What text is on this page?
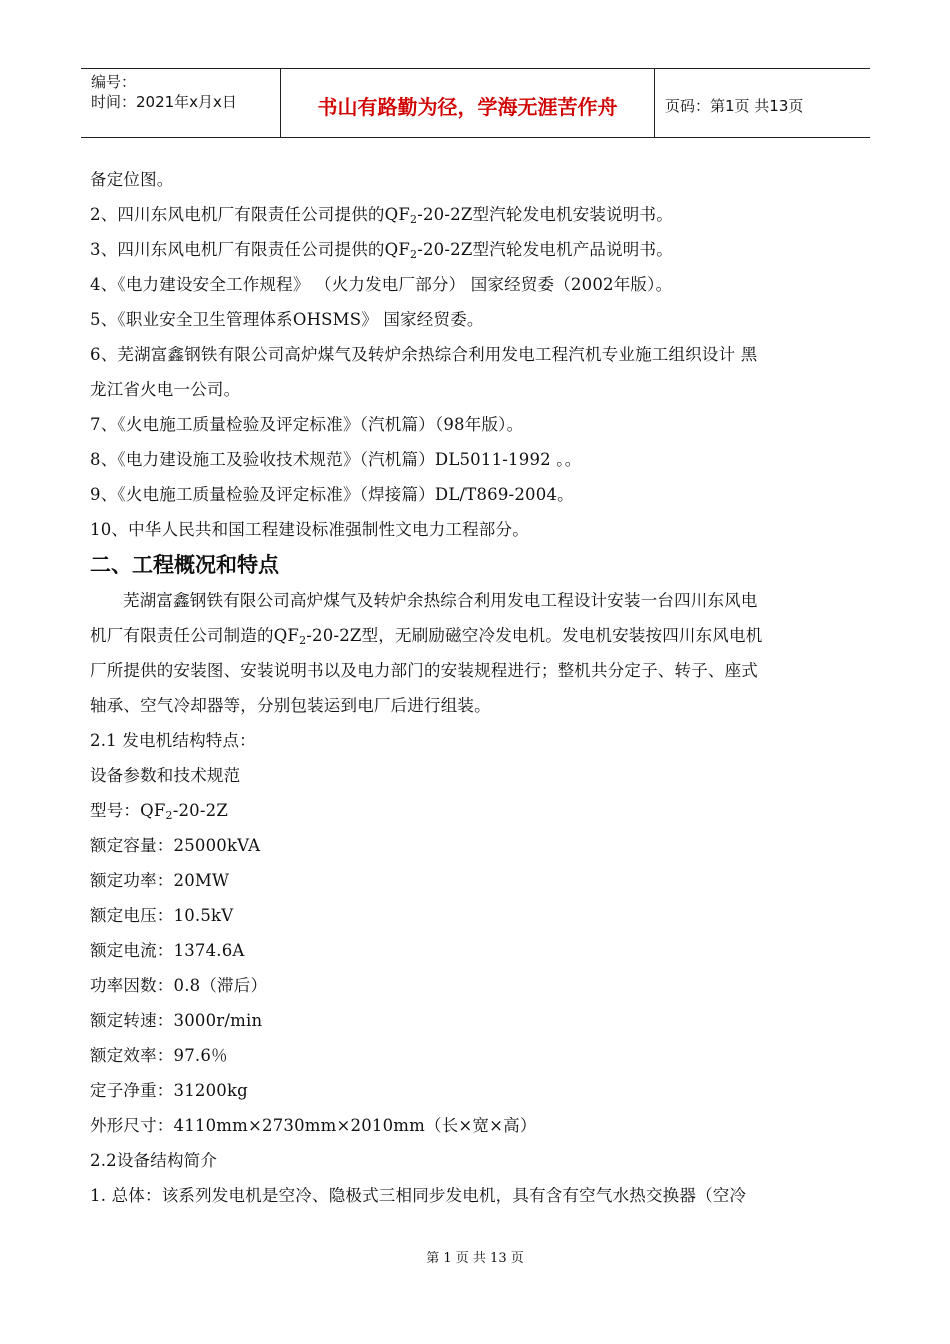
编号：
时间：2021年x月x日	书山有路勤为径，学海无涯苦作舟	页码：第1页 共13页
备定位图。
2、四川东风电机厂有限责任公司提供的$QF_2-20-2Z$型汽轮发电机安装说明书。
3、四川东风电机厂有限责任公司提供的$QF_2-20-2Z$型汽轮发电机产品说明书。
4、《电力建设安全工作规程》 （火力发电厂部分） 国家经贸委（2002年版）。
5、《职业安全卫生管理体系OHSMS》 国家经贸委。
6、芜湖富鑫钢铁有限公司高炉煤气及转炉余热综合利用发电工程汽机专业施工组织设计 黑
龙江省火电一公司。
7、《火电施工质量检验及评定标准》（汽机篇）（98年版）。
8、《电力建设施工及验收技术规范》（汽机篇）DL5011-1992 。。
9、《火电施工质量检验及评定标准》（焊接篇）DL/T869-2004。
10、中华人民共和国工程建设标准强制性文电力工程部分。
二、工程概况和特点
芜湖富鑫钢铁有限公司高炉煤气及转炉余热综合利用发电工程设计安装一台四川东风电
机厂有限责任公司制造的$QF_2-20-2Z$型，无刷励磁空冷发电机。发电机安装按四川东风电机
厂所提供的安装图、安装说明书以及电力部门的安装规程进行；整机共分定子、转子、座式
轴承、空气冷却器等，分别包装运到电厂后进行组装。
2.1 发电机结构特点：
设备参数和技术规范
型号：$QF_2-20-2Z$
额定容量：25000kVA
额定功率：20MW
额定电压：10.5kV
额定电流：1374.6A
功率因数：0.8（滞后）
额定转速：3000r/min
额定效率：97.6％
定子净重：31200kg
外形尺寸：4110mm×2730mm×2010mm（长×宽×高）
2.2设备结构简介
1. 总体：该系列发电机是空冷、隐极式三相同步发电机，具有含有空气水热交换器（空冷
第 1 页 共 13 页
